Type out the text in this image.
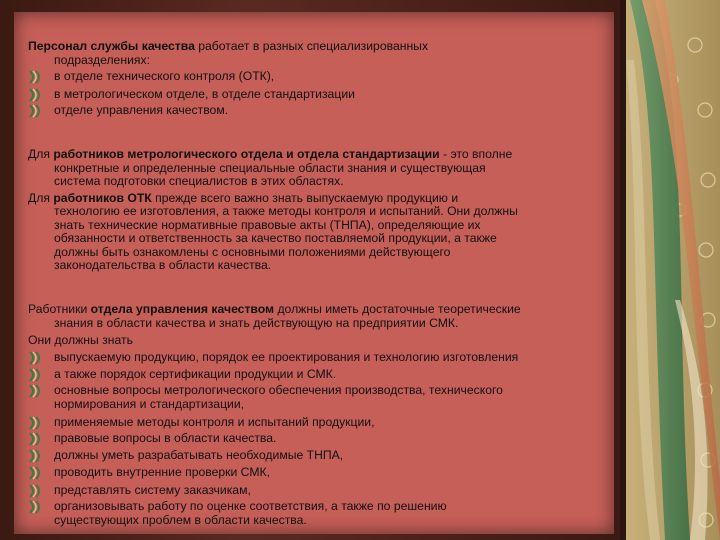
Персонал службы качества работает в разных специализированных
подразделениях:
в отделе технического контроля (ОТК),
в метрологическом отделе, в отделе стандартизации
отделе управления качеством.
Для работников метрологического отдела и отдела стандартизации - это вполне
конкретные и определенные специальные области знания и существующая
система подготовки специалистов в этих областях.
Для работников ОТК прежде всего важно знать выпускаемую продукцию и
технологию ее изготовления, а также методы контроля и испытаний. Они должны
знать технические нормативные правовые акты (ТНПА), определяющие их
обязанности и ответственность за качество поставляемой продукции, а также
должны быть ознакомлены с основными положениями действующего
законодательства в области качества.
Работники отдела управления качеством должны иметь достаточные теоретические
знания в области качества и знать действующую на предприятии СМК.
Они должны знать
выпускаемую продукцию, порядок ее проектирования и технологию изготовления
а также порядок сертификации продукции и СМК.
основные вопросы метрологического обеспечения производства, технического
нормирования и стандартизации,
применяемые методы контроля и испытаний продукции,
правовые вопросы в области качества.
должны уметь разрабатывать необходимые ТНПА,
проводить внутренние проверки СМК,
представлять систему заказчикам,
организовывать работу по оценке соответствия, а также по решению
существующих проблем в области качества.
